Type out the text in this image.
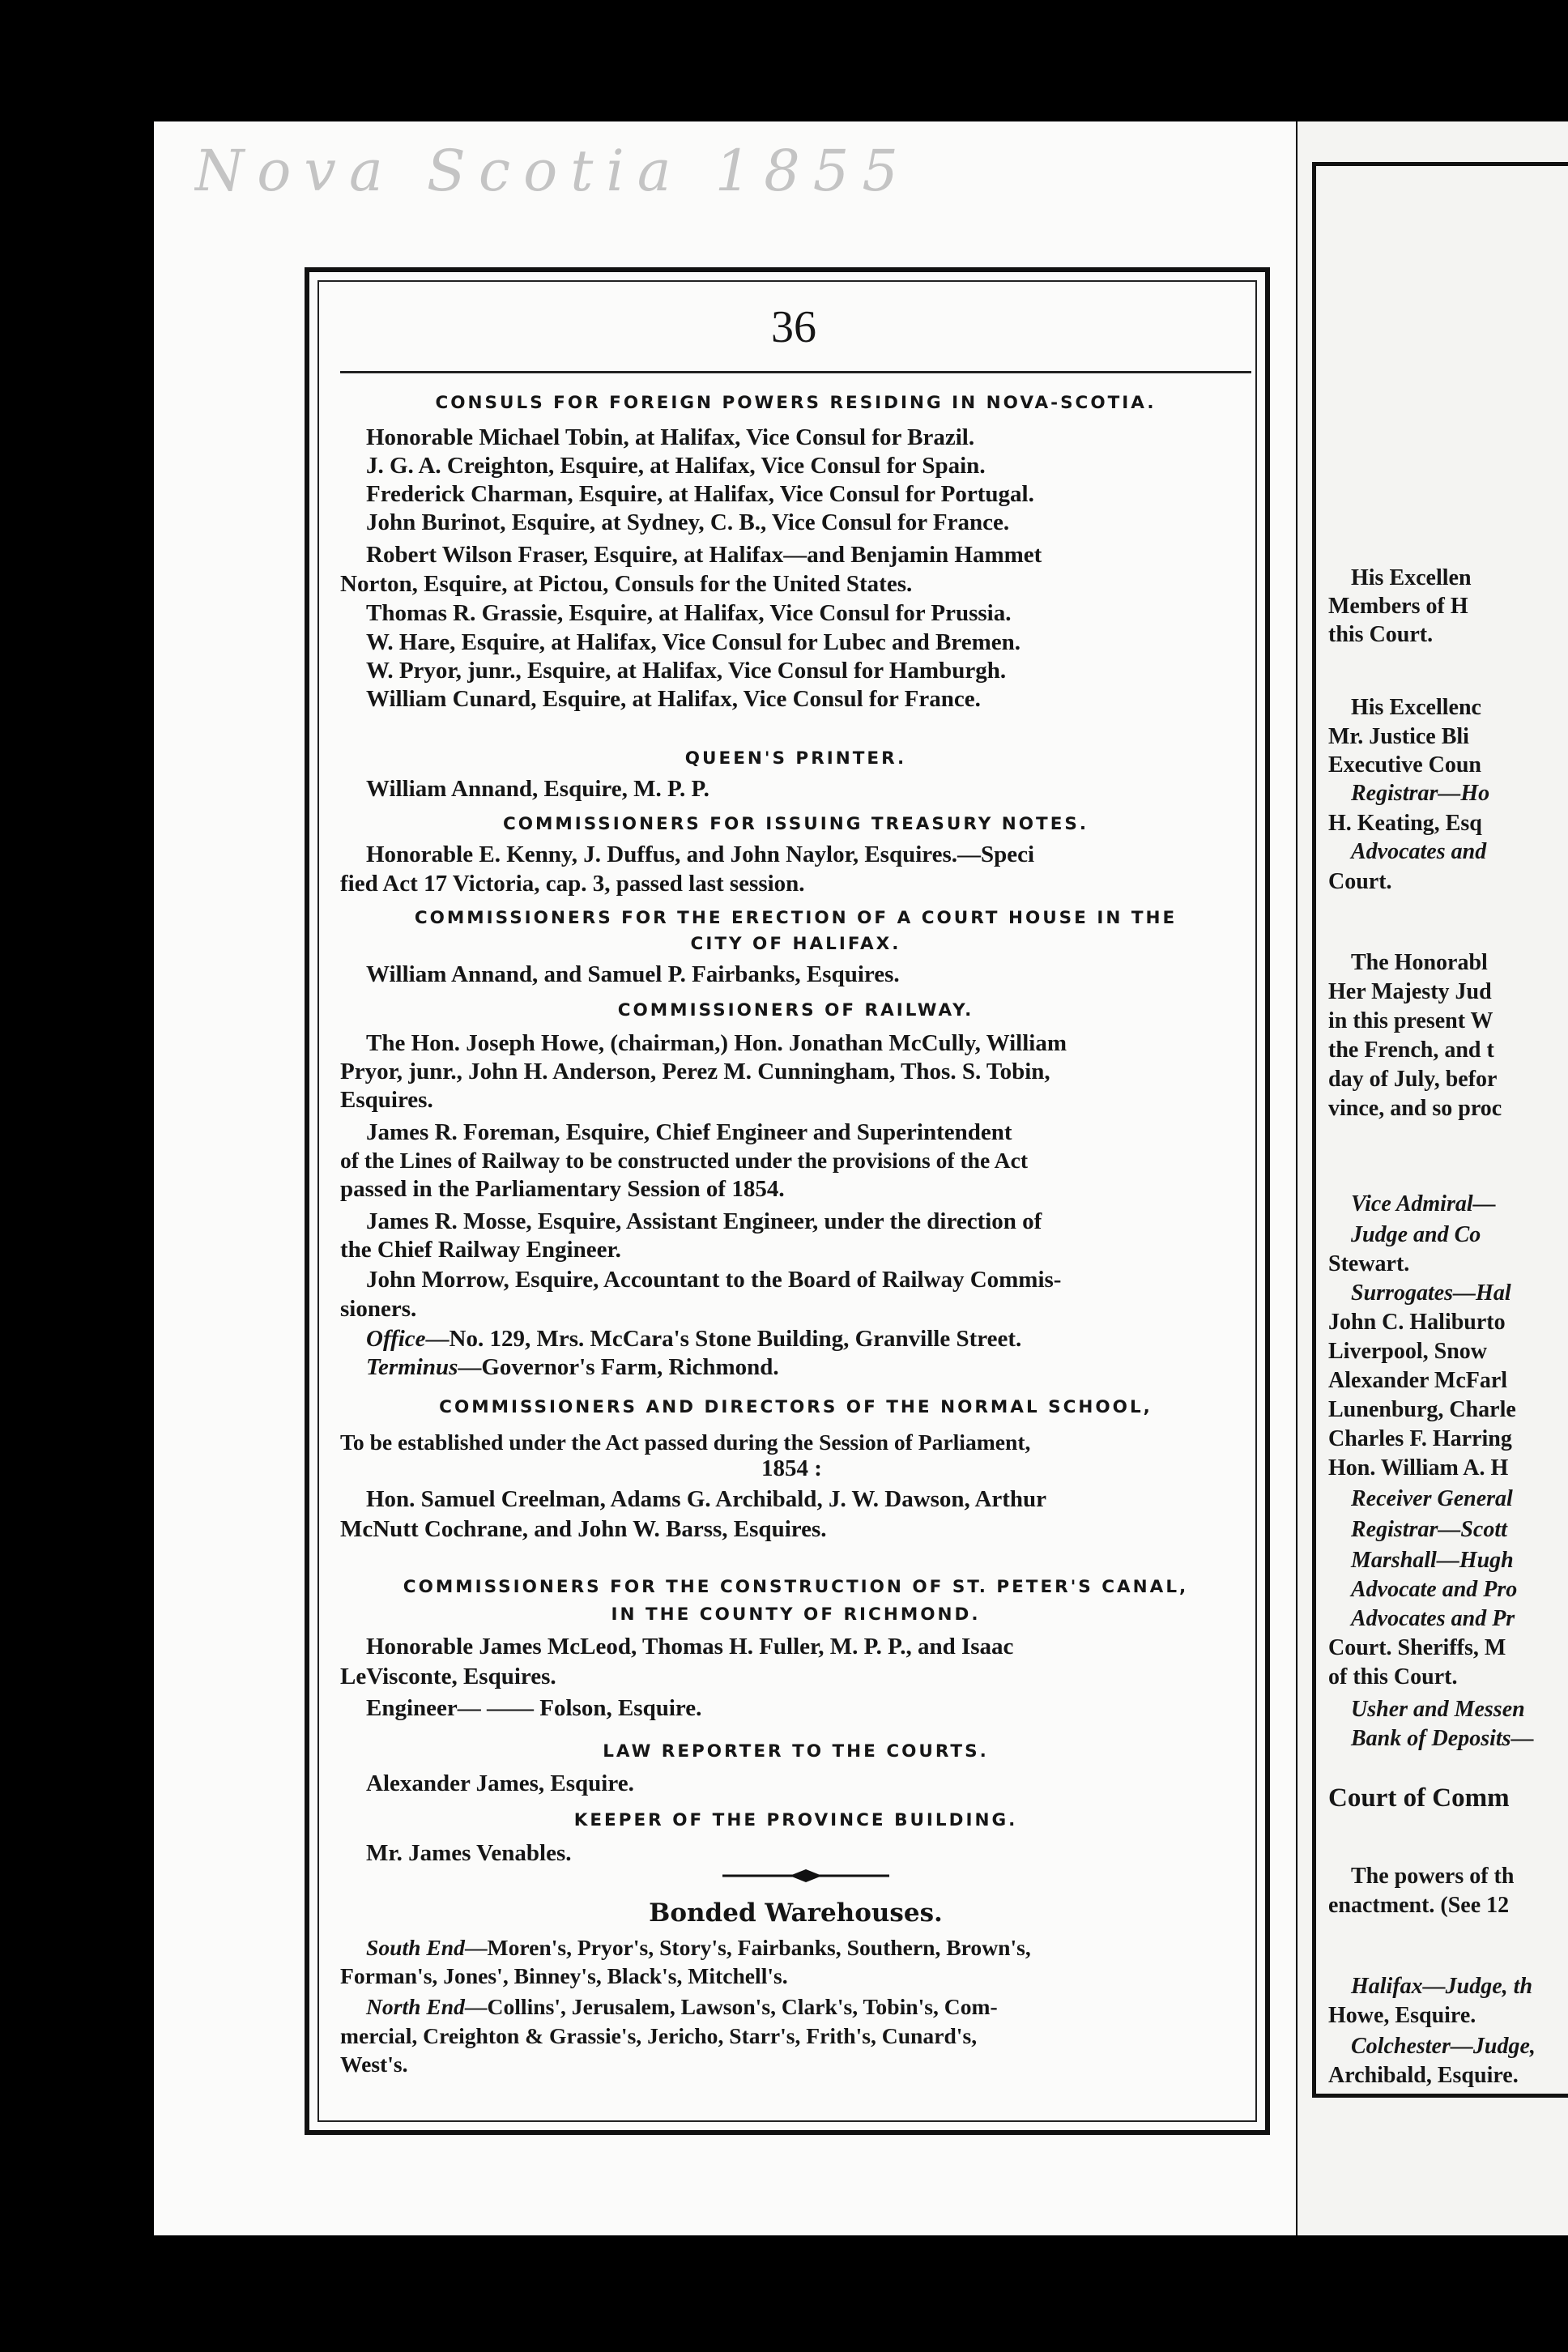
Nova Scotia 1855
36
CONSULS FOR FOREIGN POWERS RESIDING IN NOVA-SCOTIA.
Honorable Michael Tobin, at Halifax, Vice Consul for Brazil.
J. G. A. Creighton, Esquire, at Halifax, Vice Consul for Spain.
Frederick Charman, Esquire, at Halifax, Vice Consul for Portugal.
John Burinot, Esquire, at Sydney, C. B., Vice Consul for France.
Robert Wilson Fraser, Esquire, at Halifax—and Benjamin Hammet
Norton, Esquire, at Pictou, Consuls for the United States.
Thomas R. Grassie, Esquire, at Halifax, Vice Consul for Prussia.
W. Hare, Esquire, at Halifax, Vice Consul for Lubec and Bremen.
W. Pryor, junr., Esquire, at Halifax, Vice Consul for Hamburgh.
William Cunard, Esquire, at Halifax, Vice Consul for France.
QUEEN'S PRINTER.
William Annand, Esquire, M. P. P.
COMMISSIONERS FOR ISSUING TREASURY NOTES.
Honorable E. Kenny, J. Duffus, and John Naylor, Esquires.—Speci
fied Act 17 Victoria, cap. 3, passed last session.
COMMISSIONERS FOR THE ERECTION OF A COURT HOUSE IN THE
CITY OF HALIFAX.
William Annand, and Samuel P. Fairbanks, Esquires.
COMMISSIONERS OF RAILWAY.
The Hon. Joseph Howe, (chairman,) Hon. Jonathan McCully, William
Pryor, junr., John H. Anderson, Perez M. Cunningham, Thos. S. Tobin,
Esquires.
James R. Foreman, Esquire, Chief Engineer and Superintendent
of the Lines of Railway to be constructed under the provisions of the Act
passed in the Parliamentary Session of 1854.
James R. Mosse, Esquire, Assistant Engineer, under the direction of
the Chief Railway Engineer.
John Morrow, Esquire, Accountant to the Board of Railway Commis-
sioners.
Office—No. 129, Mrs. McCara's Stone Building, Granville Street.
Terminus—Governor's Farm, Richmond.
COMMISSIONERS AND DIRECTORS OF THE NORMAL SCHOOL,
To be established under the Act passed during the Session of Parliament,
1854 :
Hon. Samuel Creelman, Adams G. Archibald, J. W. Dawson, Arthur
McNutt Cochrane, and John W. Barss, Esquires.
COMMISSIONERS FOR THE CONSTRUCTION OF ST. PETER'S CANAL,
IN THE COUNTY OF RICHMOND.
Honorable James McLeod, Thomas H. Fuller, M. P. P., and Isaac
LeVisconte, Esquires.
Engineer— —— Folson, Esquire.
LAW REPORTER TO THE COURTS.
Alexander James, Esquire.
KEEPER OF THE PROVINCE BUILDING.
Mr. James Venables.
Bonded Warehouses.
South End—Moren's, Pryor's, Story's, Fairbanks, Southern, Brown's,
Forman's, Jones', Binney's, Black's, Mitchell's.
North End—Collins', Jerusalem, Lawson's, Clark's, Tobin's, Com-
mercial, Creighton & Grassie's, Jericho, Starr's, Frith's, Cunard's,
West's.
His Excellen
Members of H
this Court.
His Excellenc
Mr. Justice Bli
Executive Coun
Registrar—Ho
H. Keating, Esq
Advocates and
Court.
The Honorabl
Her Majesty Jud
in this present W
the French, and t
day of July, befor
vince, and so proc
Vice Admiral—
Judge and Co
Stewart.
Surrogates—Hal
John C. Haliburto
Liverpool, Snow
Alexander McFarl
Lunenburg, Charle
Charles F. Harring
Hon. William A. H
Receiver General
Registrar—Scott
Marshall—Hugh
Advocate and Pro
Advocates and Pr
Court. Sheriffs, M
of this Court.
Usher and Messen
Bank of Deposits—
Court of Comm
The powers of th
enactment. (See 12
Halifax—Judge, th
Howe, Esquire.
Colchester—Judge,
Archibald, Esquire.
